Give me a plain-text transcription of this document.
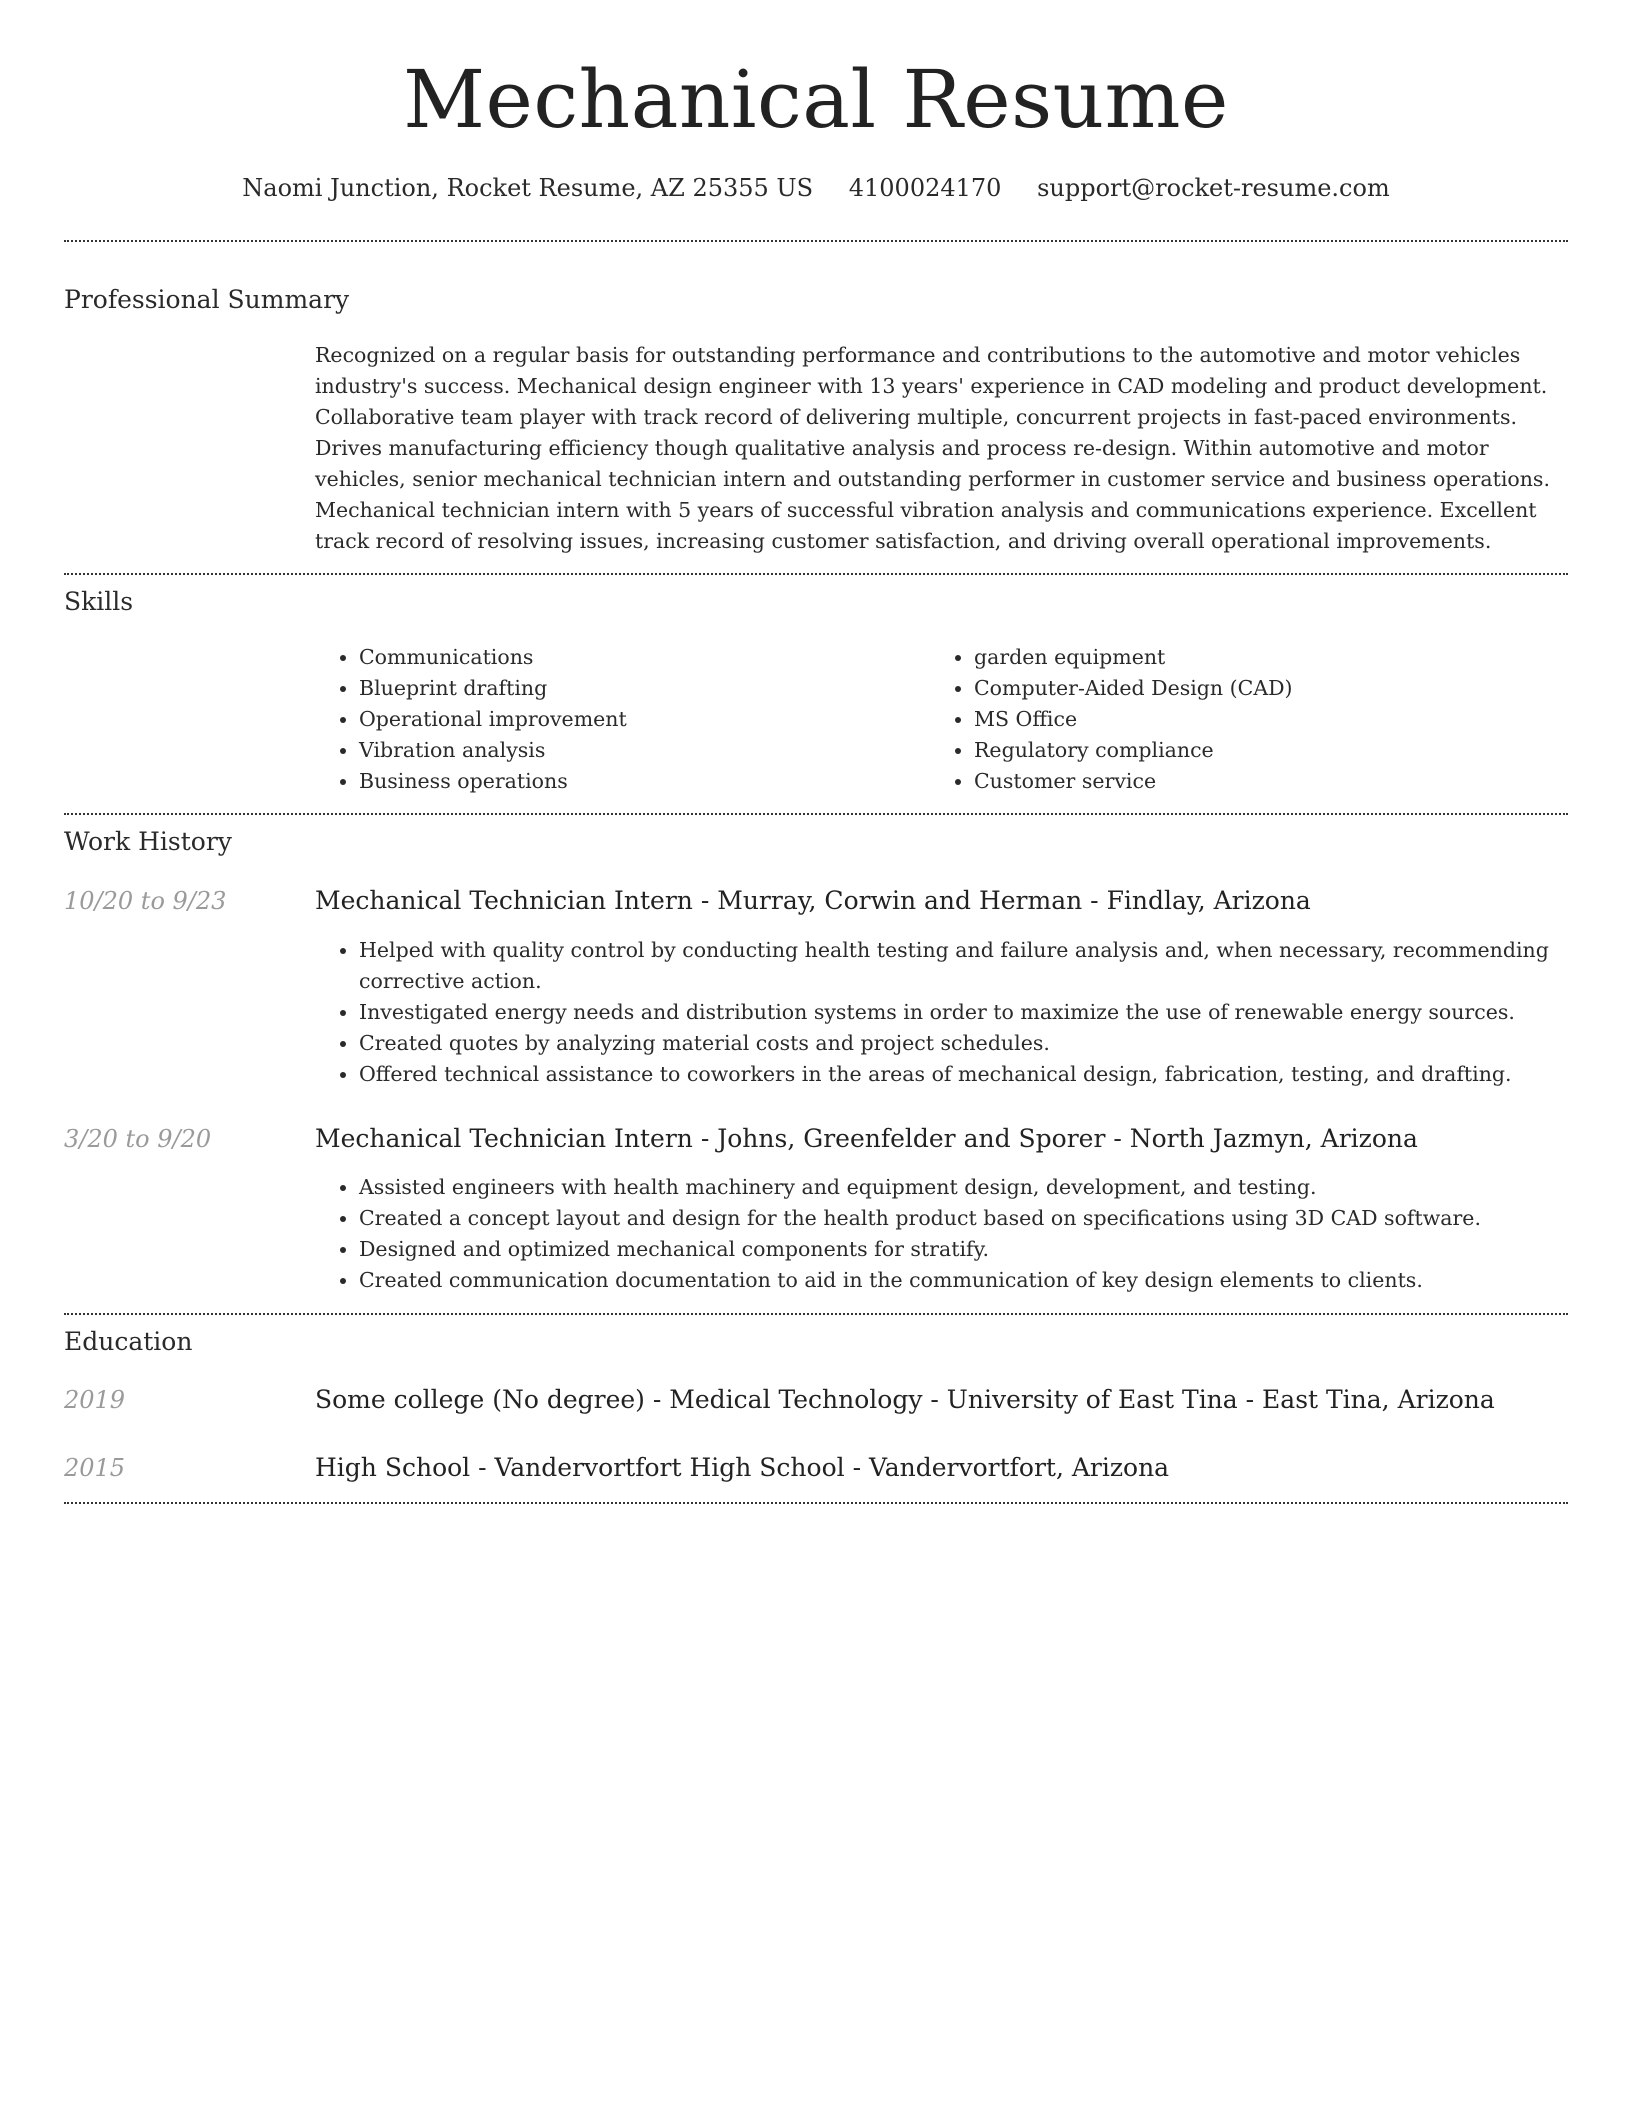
Mechanical Resume
Naomi Junction, Rocket Resume, AZ 25355 US 4100024170 support@rocket-resume.com
Professional Summary

Recognized on a regular basis for outstanding performance and contributions to the automotive and motor vehicles industry's success. Mechanical design engineer with 13 years' experience in CAD modeling and product development. Collaborative team player with track record of delivering multiple, concurrent projects in fast-paced environments. Drives manufacturing efficiency though qualitative analysis and process re-design. Within automotive and motor vehicles, senior mechanical technician intern and outstanding performer in customer service and business operations. Mechanical technician intern with 5 years of successful vibration analysis and communications experience. Excellent track record of resolving issues, increasing customer satisfaction, and driving overall operational improvements.

Skills
• Communications
• Blueprint drafting
• Operational improvement
• Vibration analysis
• Business operations
• garden equipment
• Computer-Aided Design (CAD)
• MS Office
• Regulatory compliance
• Customer service
Work History
10/20 to 9/23	Mechanical Technician Intern - Murray, Corwin and Herman - Findlay, Arizona
• Helped with quality control by conducting health testing and failure analysis and, when necessary, recommending corrective action.
• Investigated energy needs and distribution systems in order to maximize the use of renewable energy sources.
• Created quotes by analyzing material costs and project schedules.
• Offered technical assistance to coworkers in the areas of mechanical design, fabrication, testing, and drafting.
3/20 to 9/20	Mechanical Technician Intern - Johns, Greenfelder and Sporer - North Jazmyn, Arizona
• Assisted engineers with health machinery and equipment design, development, and testing.
• Created a concept layout and design for the health product based on specifications using 3D CAD software.
• Designed and optimized mechanical components for stratify.
• Created communication documentation to aid in the communication of key design elements to clients.
Education
2019	Some college (No degree) - Medical Technology - University of East Tina - East Tina, Arizona
2015	High School - Vandervortfort High School - Vandervortfort, Arizona
